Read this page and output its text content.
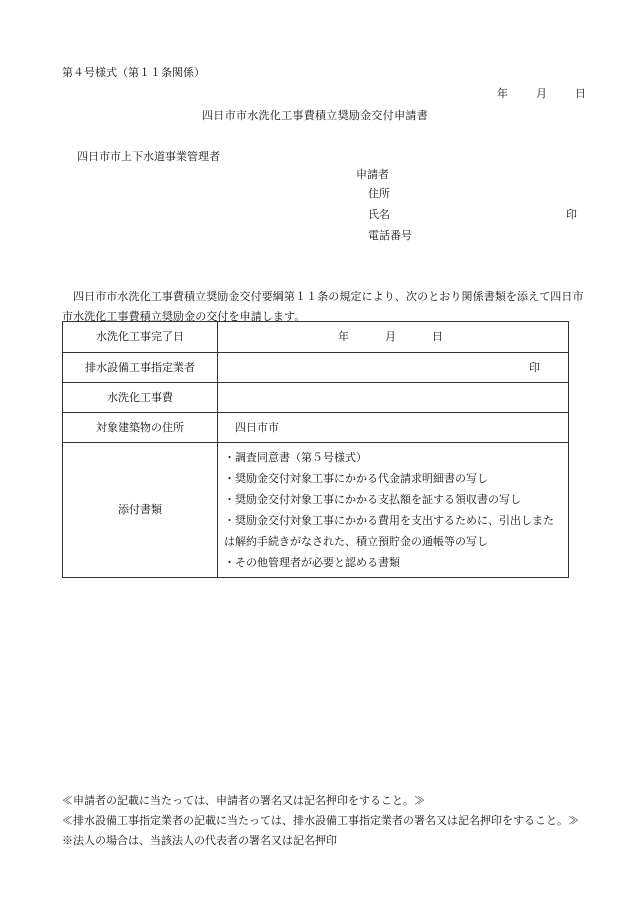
第４号様式（第１１条関係）
年	月	日
四日市市水洗化工事費積立奨励金交付申請書
四日市市上下水道事業管理者
申請者
住所
氏名	印
電話番号
四日市市水洗化工事費積立奨励金交付要綱第１１条の規定により、次のとおり関係書類を添えて四日市市水洗化工事費積立奨励金の交付を申請します。
水洗化工事完了日	年 月 日
排水設備工事指定業者	印
水洗化工事費	
対象建築物の住所	四日市市
添付書類	・調査同意書（第５号様式）
・奨励金交付対象工事にかかる代金請求明細書の写し
・奨励金交付対象工事にかかる支払額を証する領収書の写し
・奨励金交付対象工事にかかる費用を支出するために、引出しまたは解約手続きがなされた、積立預貯金の通帳等の写し
・その他管理者が必要と認める書類
≪申請者の記載に当たっては、申請者の署名又は記名押印をすること。≫
≪排水設備工事指定業者の記載に当たっては、排水設備工事指定業者の署名又は記名押印をすること。≫
※法人の場合は、当該法人の代表者の署名又は記名押印
